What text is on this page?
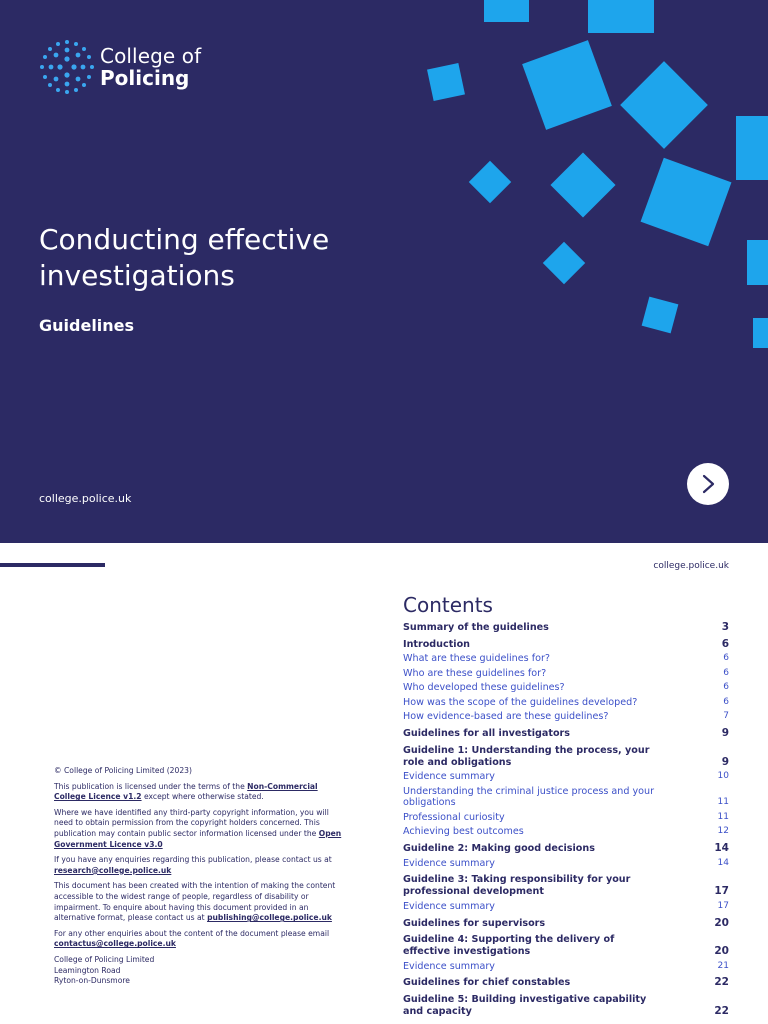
College of
Policing
Conducting effective investigations
Guidelines
college.police.uk
college.police.uk

© College of Policing Limited (2023)

This publication is licensed under the terms of the Non-Commercial College Licence v1.2 except where otherwise stated.

Where we have identified any third-party copyright information, you will need to obtain permission from the copyright holders concerned. This publication may contain public sector information licensed under the Open Government Licence v3.0

If you have any enquiries regarding this publication, please contact us at research@college.police.uk

This document has been created with the intention of making the content accessible to the widest range of people, regardless of disability or impairment. To enquire about having this document provided in an alternative format, please contact us at publishing@college.police.uk

For any other enquiries about the content of the document please email contactus@college.police.uk

College of Policing Limited

Leamington Road

Ryton-on-Dunsmore

Contents
Summary of the guidelines	3
Introduction	6
What are these guidelines for?	6
Who are these guidelines for?	6
Who developed these guidelines?	6
How was the scope of the guidelines developed?	6
How evidence-based are these guidelines?	7
Guidelines for all investigators	9
Guideline 1: Understanding the process, your role and obligations	9
Evidence summary	10
Understanding the criminal justice process and your obligations	11
Professional curiosity	11
Achieving best outcomes	12
Guideline 2: Making good decisions	14
Evidence summary	14
Guideline 3: Taking responsibility for your professional development	17
Evidence summary	17
Guidelines for supervisors	20
Guideline 4: Supporting the delivery of effective investigations	20
Evidence summary	21
Guidelines for chief constables	22
Guideline 5: Building investigative capability and capacity	22
